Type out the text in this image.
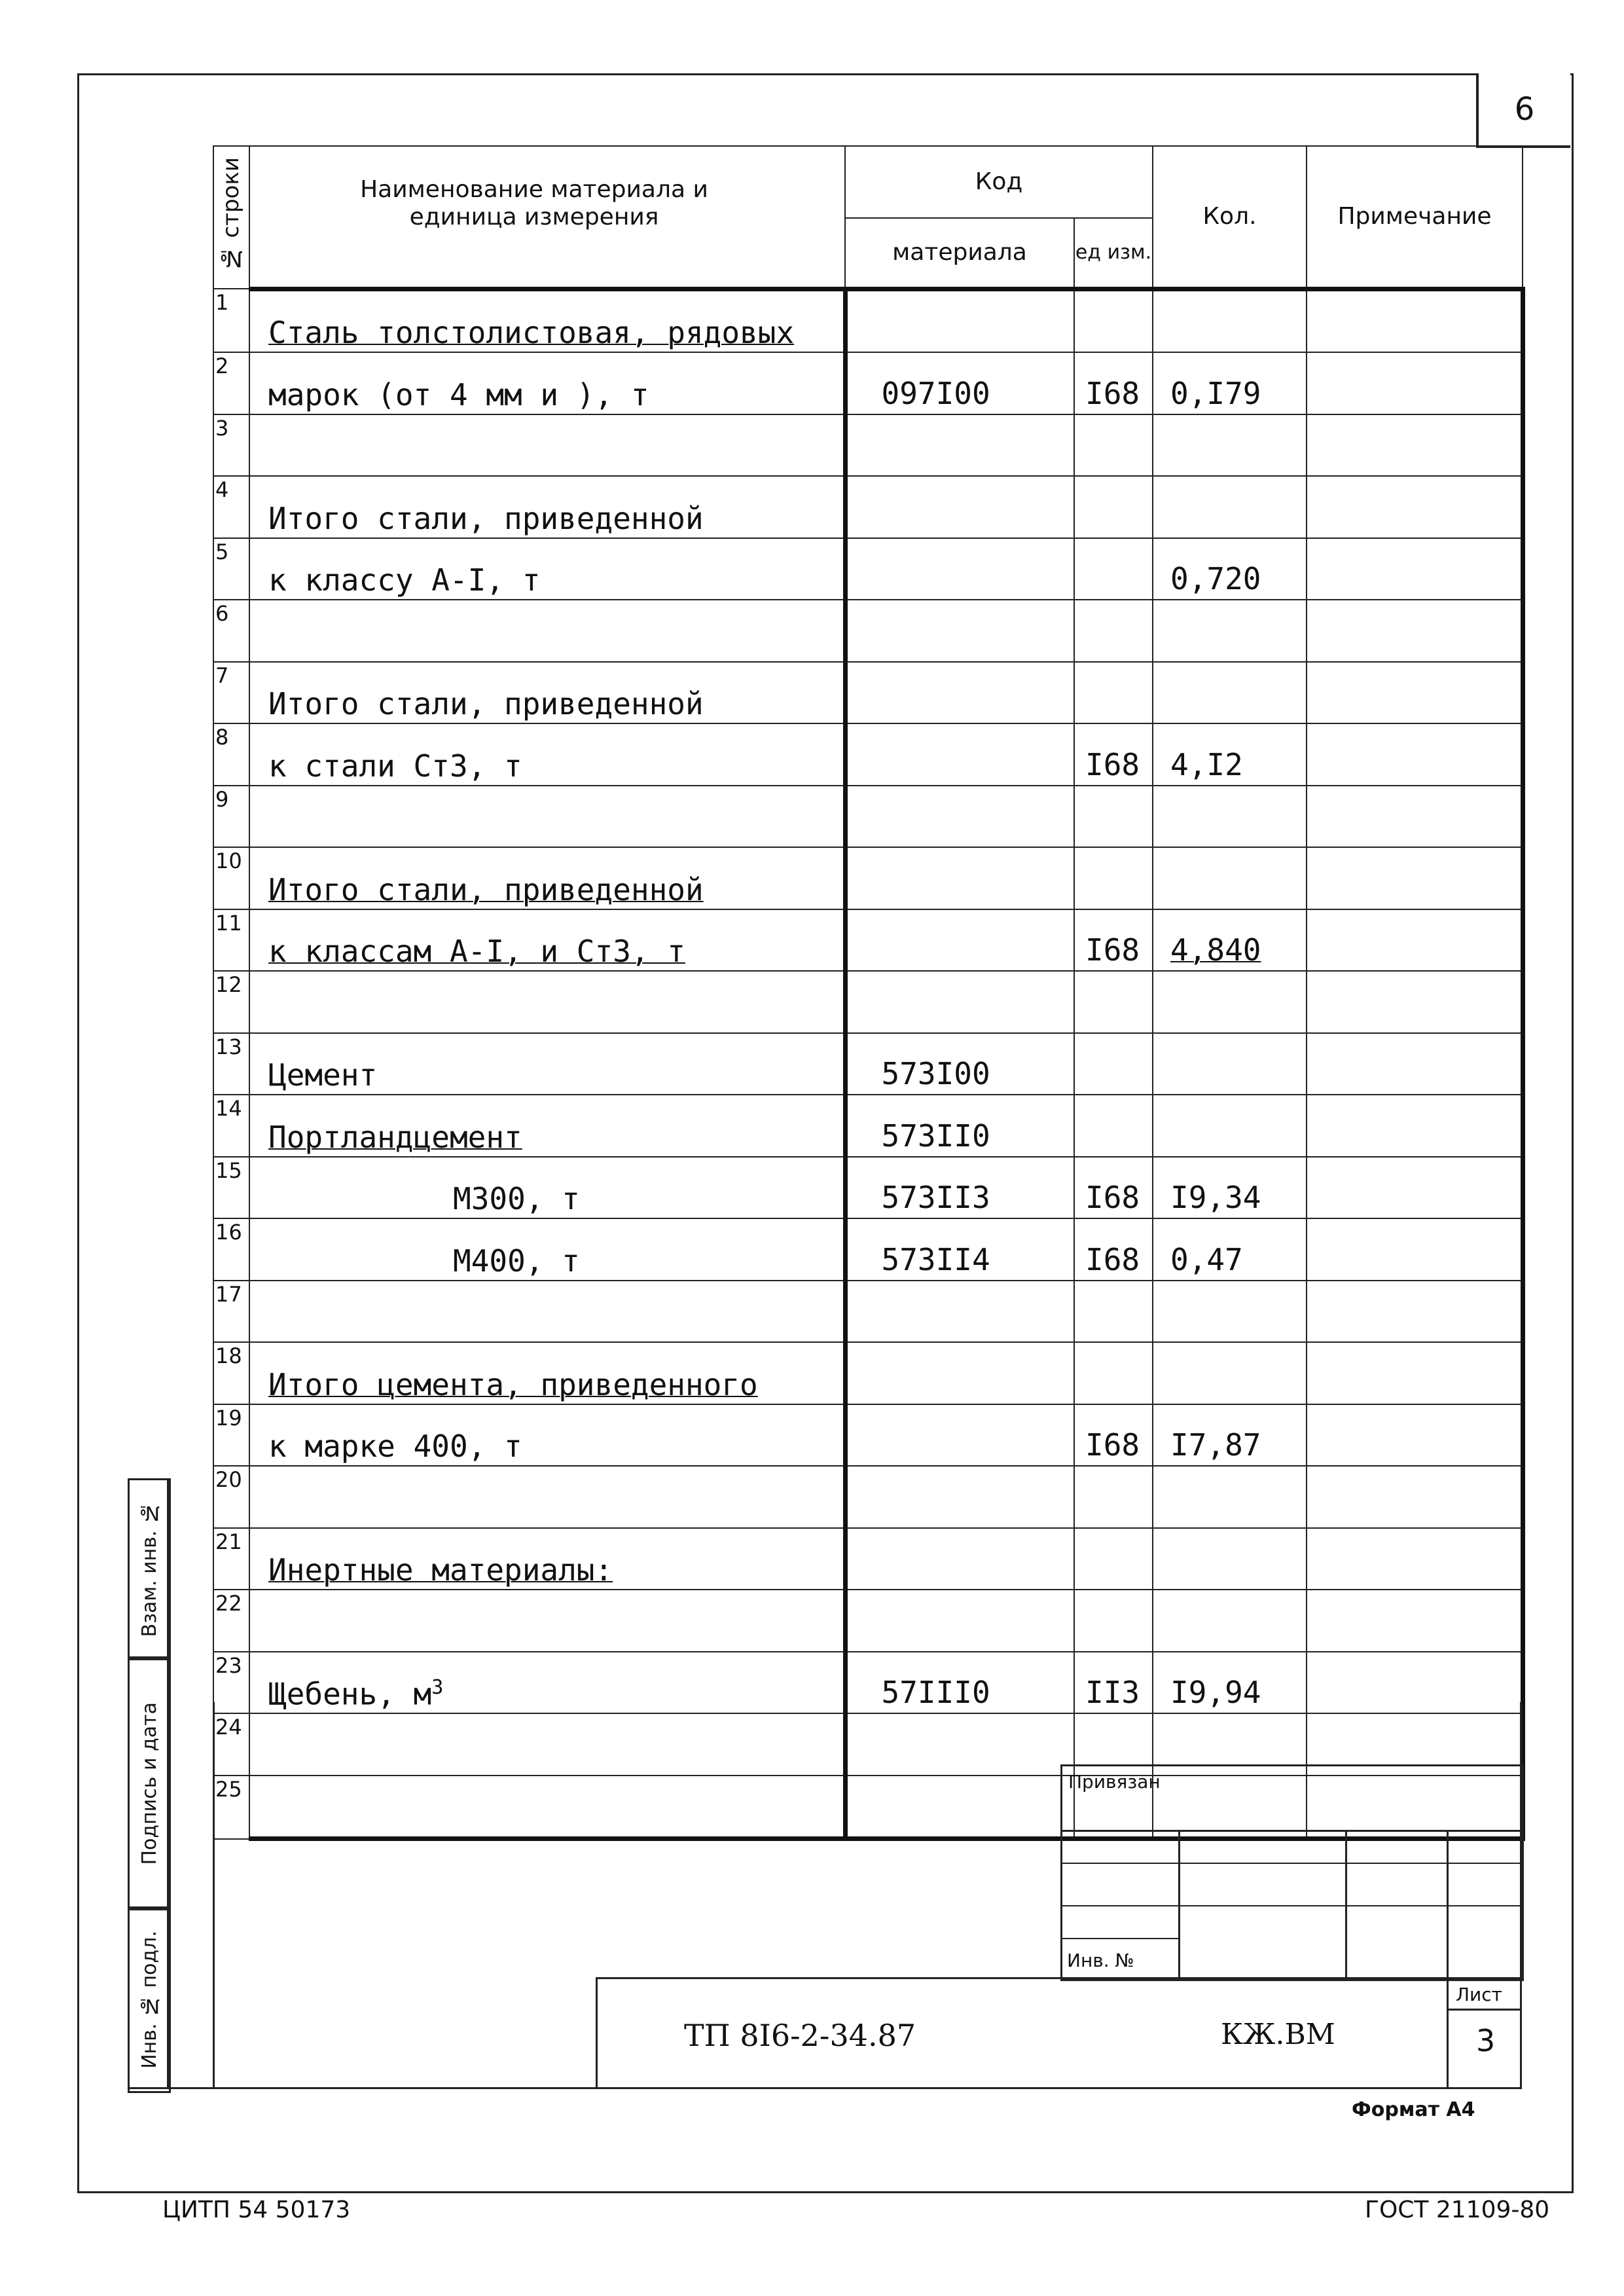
6
№ строки	Наименование материала и единица измерения	Код		Кол.	Примечание
		материала	ед изм.		
1	Сталь толстолистовая, рядовых				
2	марок (от 4 мм и ), т	097I00	I68	0,I79	
3					
4	Итого стали, приведенной				
5	к классу А-I, т			0,720	
6					
7	Итого стали, приведенной				
8	к стали Ст3, т		I68	4,I2	
9					
10	Итого стали, приведенной				
11	к классам А-I, и Ст3, т		I68	4,840	
12					
13	Цемент	573I00			
14	Портландцемент	573II0			
15	М300, т	573II3	I68	I9,34	
16	М400, т	573II4	I68	0,47	
17					
18	Итого цемента, приведенного				
19	к марке 400, т		I68	I7,87	
20					
21	Инертные материалы:				
22					
23	Щебень, $м^3$	57III0	II3	I9,94	
24					
25					
Взам. инв. №
Подпись и дата
Инв. № подл.
Привязан
Инв. №
ТП 8I6-2-34.87	КЖ.ВМ
Лист
3
Формат А4
ЦИТП 54 50173	ГОСТ 21109-80
